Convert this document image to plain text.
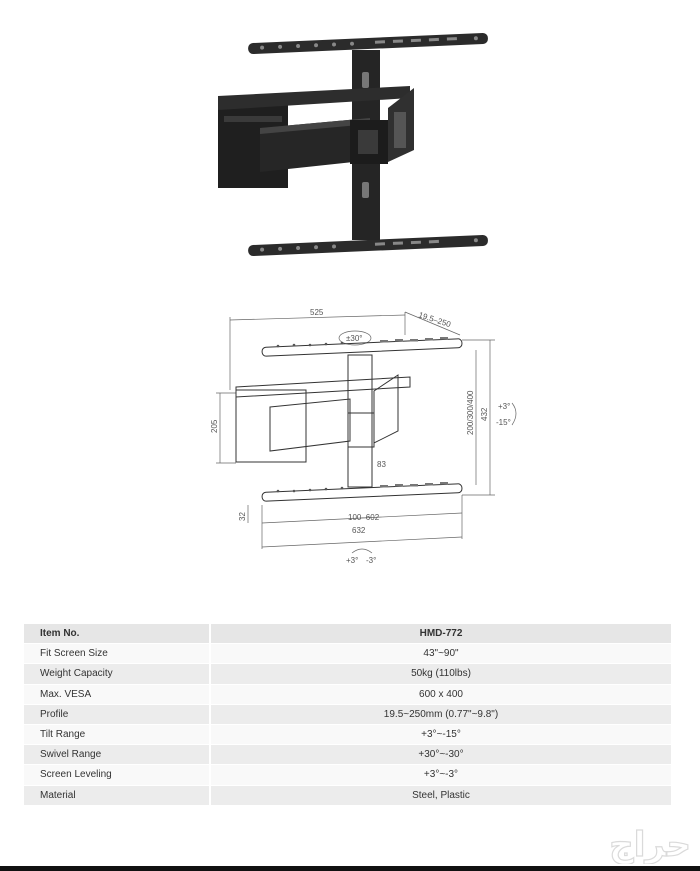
525	19.5–250
±30°
205	200/300/400 432
+3°
-15°
83
32	100–602
632
+3° -3°
Item No.	HMD-772
Fit Screen Size	43"~90"
Weight Capacity	50kg (110lbs)
Max. VESA	600 x 400
Profile	19.5~250mm (0.77"~9.8")
Tilt Range	+3°~-15°
Swivel Range	+30°~-30°
Screen Leveling	+3°~-3°
Material	Steel, Plastic
حراج
